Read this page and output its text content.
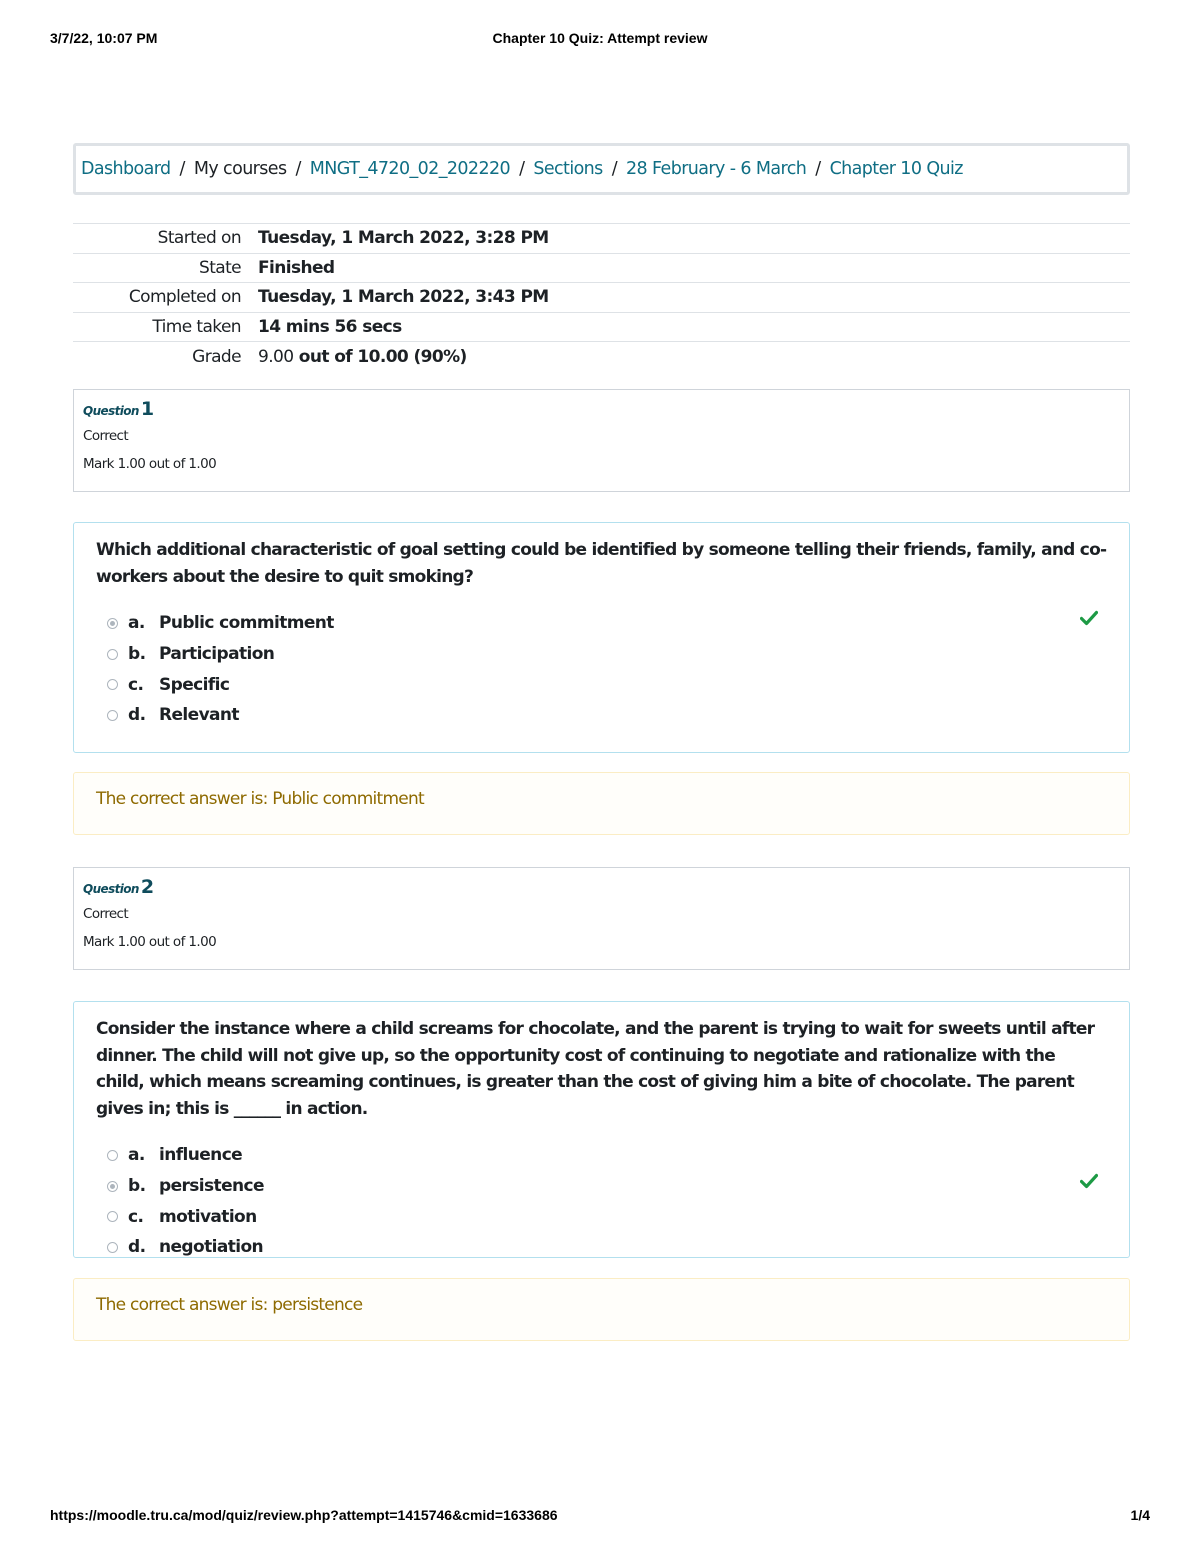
3/7/22, 10:07 PM	Chapter 10 Quiz: Attempt review
Dashboard / My courses / MNGT_4720_02_202220 / Sections / 28 February - 6 March / Chapter 10 Quiz
Started on	Tuesday, 1 March 2022, 3:28 PM
State	Finished
Completed on	Tuesday, 1 March 2022, 3:43 PM
Time taken	14 mins 56 secs
Grade	9.00 out of 10.00 (90%)
Question 1
Correct
Mark 1.00 out of 1.00
Which additional characteristic of goal setting could be identified by someone telling their friends, family, and co-workers about the desire to quit smoking?
a. Public commitment
b. Participation
c. Specific
d. Relevant
The correct answer is: Public commitment
Question 2
Correct
Mark 1.00 out of 1.00
Consider the instance where a child screams for chocolate, and the parent is trying to wait for sweets until after dinner. The child will not give up, so the opportunity cost of continuing to negotiate and rationalize with the child, which means screaming continues, is greater than the cost of giving him a bite of chocolate. The parent gives in; this is ______ in action.
a. influence
b. persistence
c. motivation
d. negotiation
The correct answer is: persistence
https://moodle.tru.ca/mod/quiz/review.php?attempt=1415746&cmid=1633686	1/4
